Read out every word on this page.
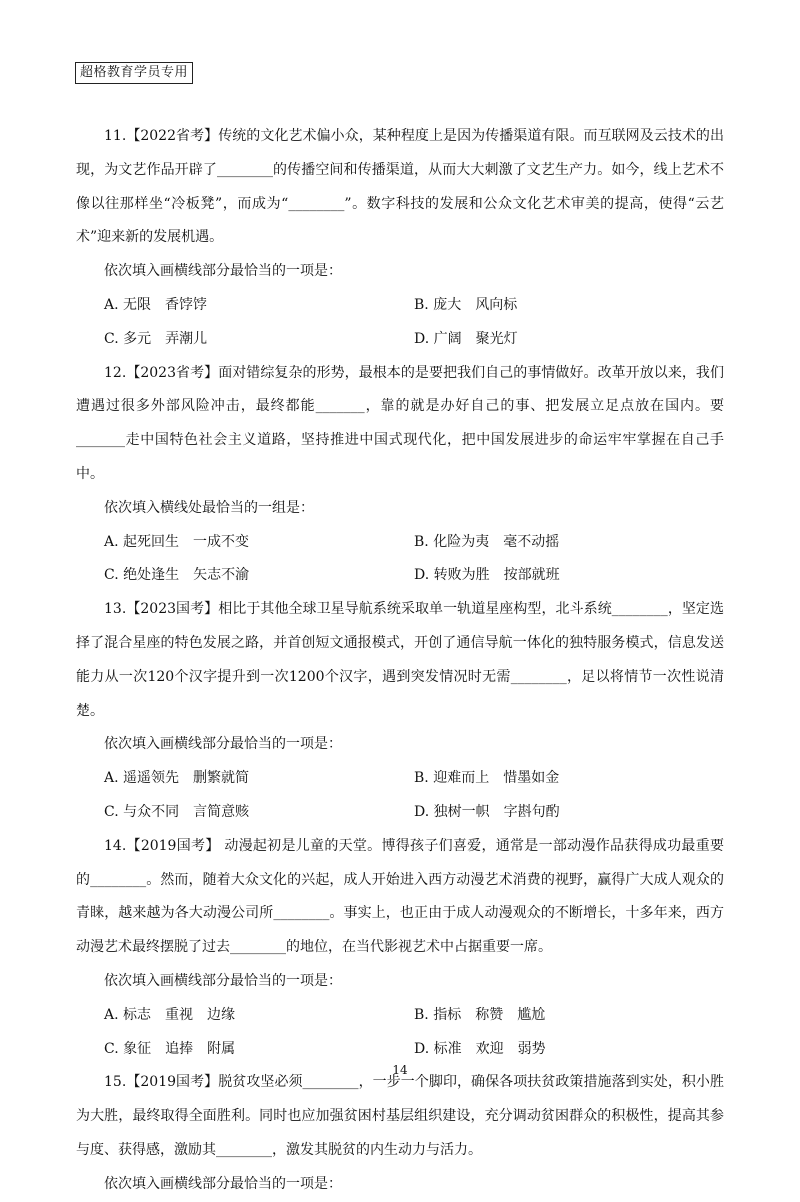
超格教育学员专用

11.【2022省考】传统的文化艺术偏小众，某种程度上是因为传播渠道有限。而互联网及云技术的出现，为文艺作品开辟了________的传播空间和传播渠道，从而大大刺激了文艺生产力。如今，线上艺术不像以往那样坐“冷板凳”，而成为“________”。数字科技的发展和公众文化艺术审美的提高，使得“云艺术”迎来新的发展机遇。

依次填入画横线部分最恰当的一项是：

A. 无限　香饽饽	B. 庞大　风向标
C. 多元　弄潮儿	D. 广阔　聚光灯

12.【2023省考】面对错综复杂的形势，最根本的是要把我们自己的事情做好。改革开放以来，我们遭遇过很多外部风险冲击，最终都能_______，靠的就是办好自己的事、把发展立足点放在国内。要_______走中国特色社会主义道路，坚持推进中国式现代化，把中国发展进步的命运牢牢掌握在自己手中。

依次填入横线处最恰当的一组是：

A. 起死回生　一成不变	B. 化险为夷　毫不动摇
C. 绝处逢生　矢志不渝	D. 转败为胜　按部就班

13.【2023国考】相比于其他全球卫星导航系统采取单一轨道星座构型，北斗系统________，坚定选择了混合星座的特色发展之路，并首创短文通报模式，开创了通信导航一体化的独特服务模式，信息发送能力从一次120个汉字提升到一次1200个汉字，遇到突发情况时无需________，足以将情节一次性说清楚。

依次填入画横线部分最恰当的一项是：

A. 遥遥领先　删繁就简	B. 迎难而上　惜墨如金
C. 与众不同　言简意赅	D. 独树一帜　字斟句酌

14.【2019国考】 动漫起初是儿童的天堂。博得孩子们喜爱，通常是一部动漫作品获得成功最重要的________。然而，随着大众文化的兴起，成人开始进入西方动漫艺术消费的视野，赢得广大成人观众的青睐，越来越为各大动漫公司所________。事实上，也正由于成人动漫观众的不断增长，十多年来，西方动漫艺术最终摆脱了过去________的地位，在当代影视艺术中占据重要一席。

依次填入画横线部分最恰当的一项是：

A. 标志　重视　边缘	B. 指标　称赞　尴尬
C. 象征　追捧　附属	D. 标准　欢迎　弱势

15.【2019国考】脱贫攻坚必须________，一步一个脚印，确保各项扶贫政策措施落到实处，积小胜为大胜，最终取得全面胜利。同时也应加强贫困村基层组织建设，充分调动贫困群众的积极性，提高其参与度、获得感，激励其________，激发其脱贫的内生动力与活力。

依次填入画横线部分最恰当的一项是：

14
